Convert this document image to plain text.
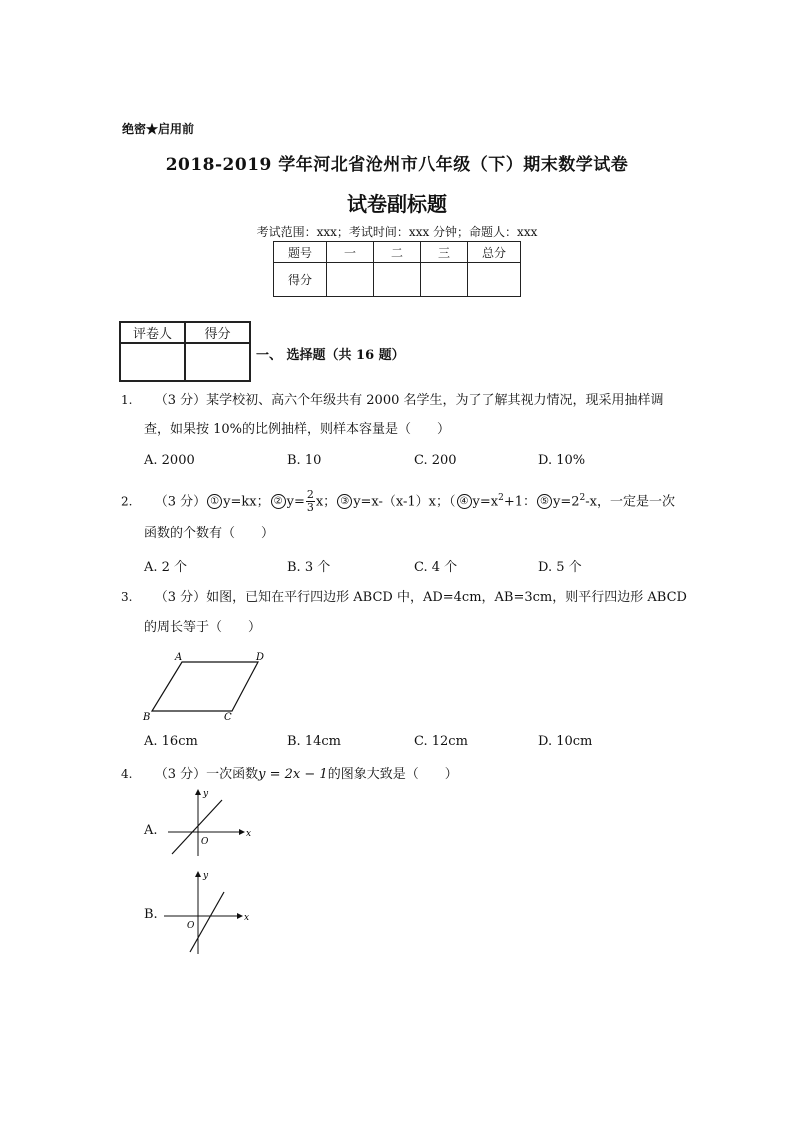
绝密★启用前
2018-2019 学年河北省沧州市八年级（下）期末数学试卷
试卷副标题
考试范围：xxx；考试时间：xxx 分钟；命题人：xxx
题号	一	二	三	总分
得分				
评卷人	得分

一、 选择题（共 16 题）
1. （3 分）某学校初、高六个年级共有 2000 名学生，为了了解其视力情况，现采用抽样调
查，如果按 10%的比例抽样，则样本容量是（　　）
A. 2000	B. 10	C. 200	D. 10%
2. （3 分） ① y=kx； ② $y= \frac{2}{3}$ x； ③ y=x-（x-1）x；（ ④ $y=x^2+1$： ⑤ $y=2^2-x$，一定是一次
函数的个数有（　　）
A. 2 个	B. 3 个	C. 4 个	D. 5 个
3. （3 分）如图，已知在平行四边形 ABCD 中，AD=4cm，AB=3cm，则平行四边形 ABCD
的周长等于（　　）
A	D
B	C
A. 16cm	B. 14cm	C. 12cm	D. 10cm
4. （3 分）一次函数y = 2x − 1的图象大致是（　　）
A.
y
x
O
B.
y
x
O
